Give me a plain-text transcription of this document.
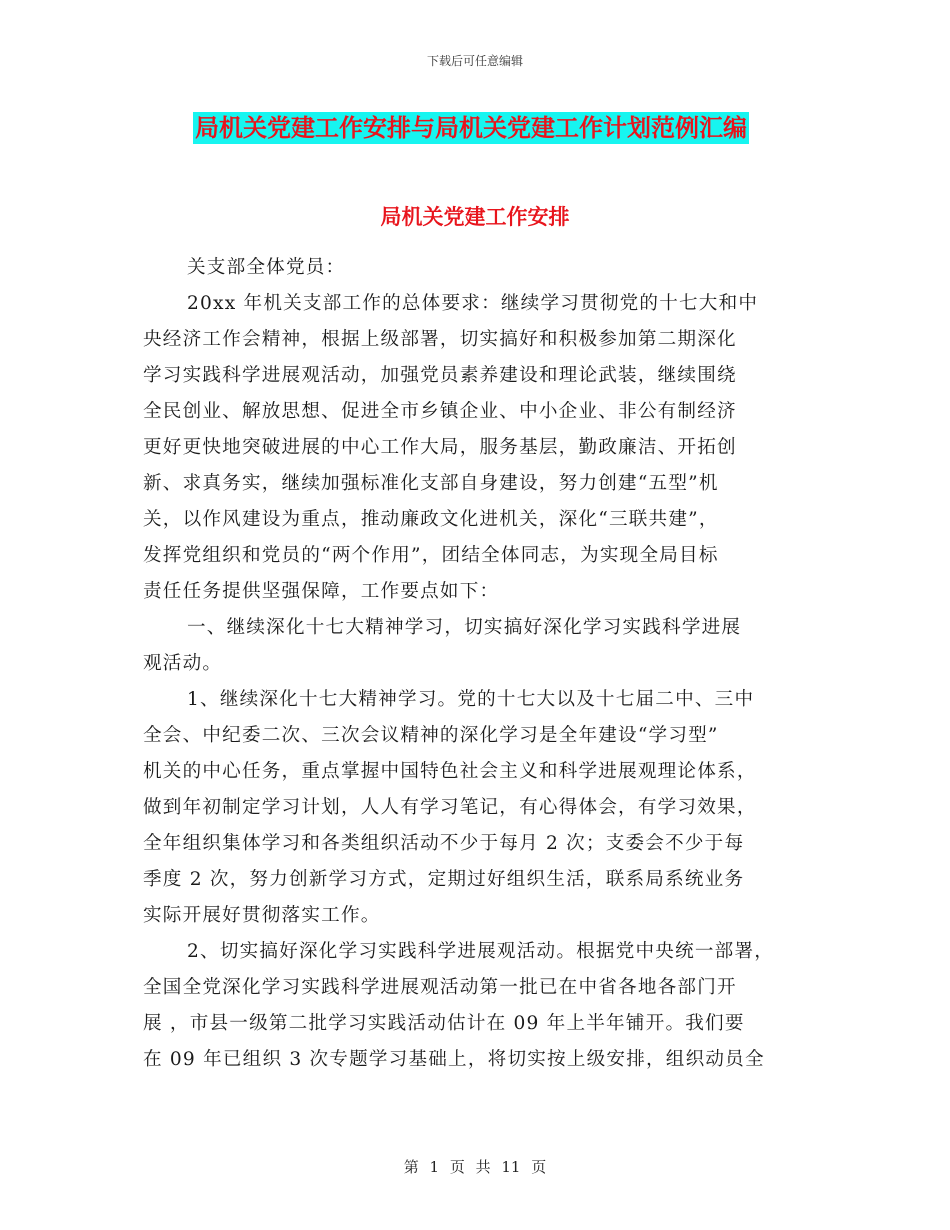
下载后可任意编辑
局机关党建工作安排与局机关党建工作计划范例汇编
局机关党建工作安排
关支部全体党员：
20xx 年机关支部工作的总体要求：继续学习贯彻党的十七大和中
央经济工作会精神，根据上级部署，切实搞好和积极参加第二期深化
学习实践科学进展观活动，加强党员素养建设和理论武装，继续围绕
全民创业、解放思想、促进全市乡镇企业、中小企业、非公有制经济
更好更快地突破进展的中心工作大局，服务基层，勤政廉洁、开拓创
新、求真务实，继续加强标准化支部自身建设，努力创建“五型”机
关，以作风建设为重点，推动廉政文化进机关，深化“三联共建”，
发挥党组织和党员的“两个作用”，团结全体同志，为实现全局目标
责任任务提供坚强保障，工作要点如下：
一、继续深化十七大精神学习，切实搞好深化学习实践科学进展
观活动。
1、继续深化十七大精神学习。党的十七大以及十七届二中、三中
全会、中纪委二次、三次会议精神的深化学习是全年建设“学习型”
机关的中心任务，重点掌握中国特色社会主义和科学进展观理论体系，
做到年初制定学习计划，人人有学习笔记，有心得体会，有学习效果，
全年组织集体学习和各类组织活动不少于每月 2 次；支委会不少于每
季度 2 次，努力创新学习方式，定期过好组织生活，联系局系统业务
实际开展好贯彻落实工作。
2、切实搞好深化学习实践科学进展观活动。根据党中央统一部署，
全国全党深化学习实践科学进展观活动第一批已在中省各地各部门开
展 ，市县一级第二批学习实践活动估计在 09 年上半年铺开。我们要
在 09 年已组织 3 次专题学习基础上，将切实按上级安排，组织动员全
第 1 页 共 11 页
